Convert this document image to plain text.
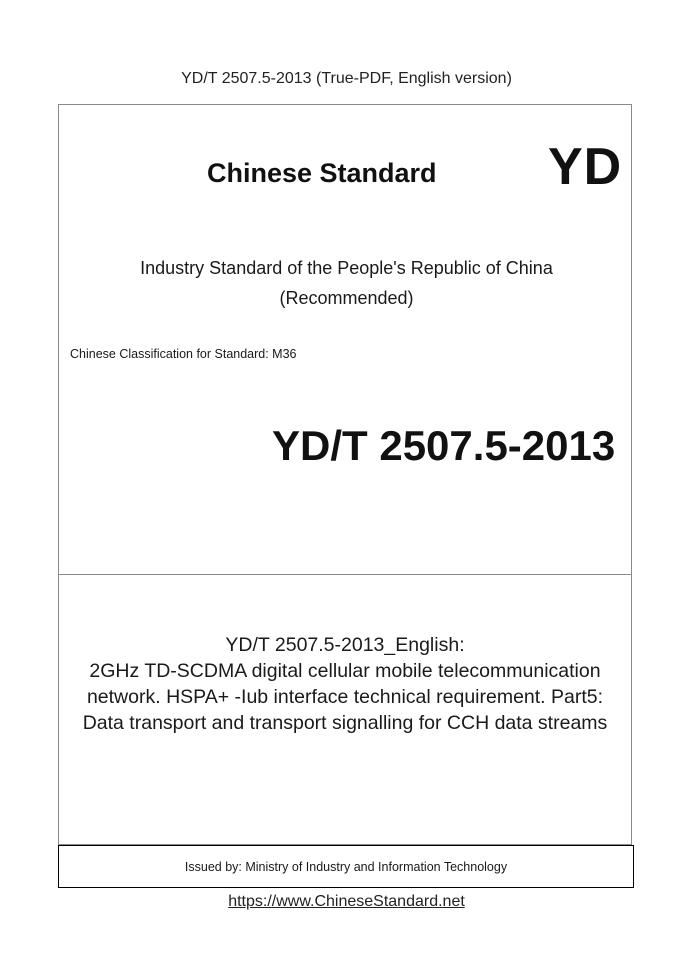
YD/T 2507.5-2013 (True-PDF, English version)
Chinese Standard YD
Industry Standard of the People's Republic of China
(Recommended)
Chinese Classification for Standard: M36
YD/T 2507.5-2013
YD/T 2507.5-2013_English:
2GHz TD-SCDMA digital cellular mobile telecommunication
network. HSPA+ -Iub interface technical requirement. Part5:
Data transport and transport signalling for CCH data streams
Issued by: Ministry of Industry and Information Technology
https://www.ChineseStandard.net
